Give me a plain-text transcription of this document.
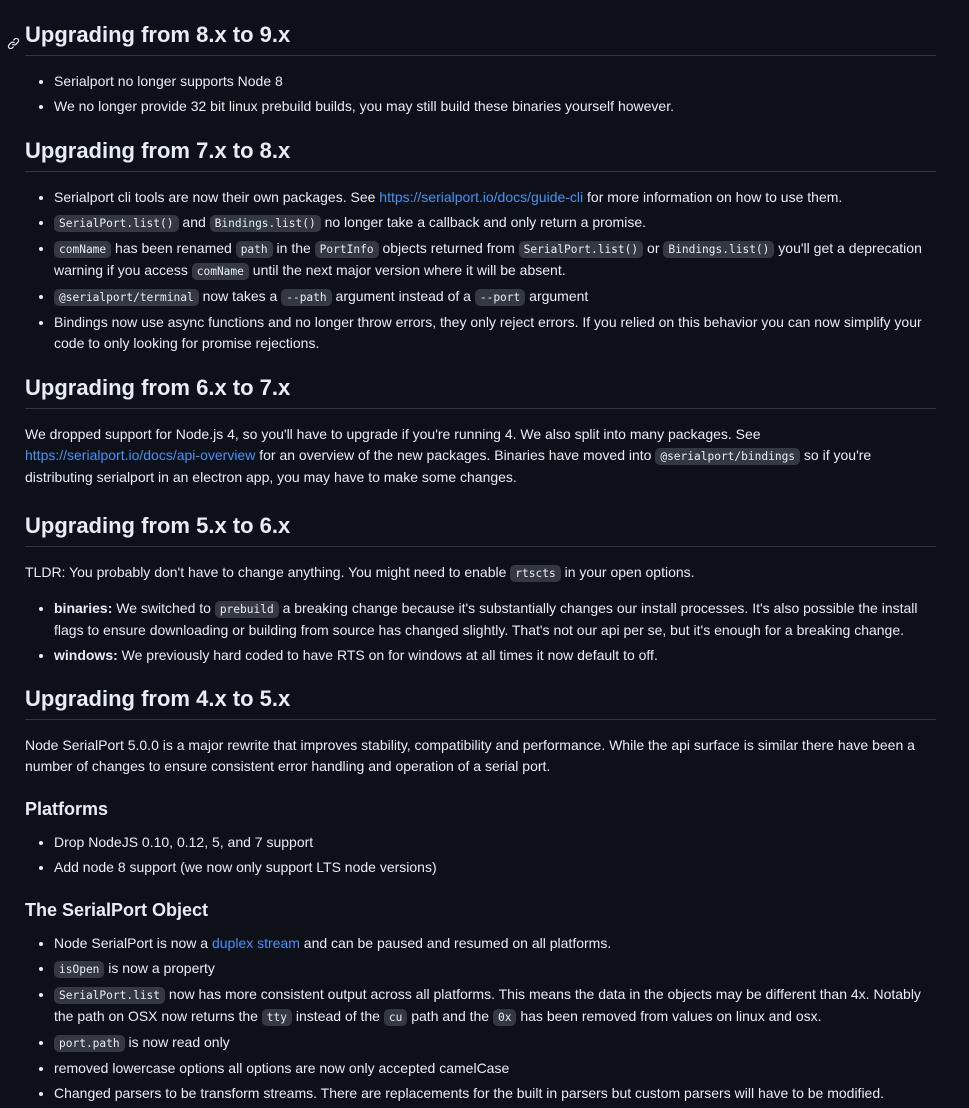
Upgrading from 8.x to 9.x
• Serialport no longer supports Node 8
• We no longer provide 32 bit linux prebuild builds, you may still build these binaries yourself however.
Upgrading from 7.x to 8.x
• Serialport cli tools are now their own packages. See https://serialport.io/docs/guide-cli for more information on how to use them.
• SerialPort.list() and Bindings.list() no longer take a callback and only return a promise.
• comName has been renamed path in the PortInfo objects returned from SerialPort.list() or Bindings.list() you'll get a deprecation warning if you access comName until the next major version where it will be absent.
• @serialport/terminal now takes a --path argument instead of a --port argument
• Bindings now use async functions and no longer throw errors, they only reject errors. If you relied on this behavior you can now simplify your code to only looking for promise rejections.
Upgrading from 6.x to 7.x

We dropped support for Node.js 4, so you'll have to upgrade if you're running 4. We also split into many packages. See https://serialport.io/docs/api-overview for an overview of the new packages. Binaries have moved into @serialport/bindings so if you're distributing serialport in an electron app, you may have to make some changes.

Upgrading from 5.x to 6.x

TLDR: You probably don't have to change anything. You might need to enable rtscts in your open options.

• binaries: We switched to prebuild a breaking change because it's substantially changes our install processes. It's also possible the install flags to ensure downloading or building from source has changed slightly. That's not our api per se, but it's enough for a breaking change.
• windows: We previously hard coded to have RTS on for windows at all times it now default to off.
Upgrading from 4.x to 5.x

Node SerialPort 5.0.0 is a major rewrite that improves stability, compatibility and performance. While the api surface is similar there have been a number of changes to ensure consistent error handling and operation of a serial port.

Platforms
• Drop NodeJS 0.10, 0.12, 5, and 7 support
• Add node 8 support (we now only support LTS node versions)
The SerialPort Object
• Node SerialPort is now a duplex stream and can be paused and resumed on all platforms.
• isOpen is now a property
• SerialPort.list now has more consistent output across all platforms. This means the data in the objects may be different than 4x. Notably the path on OSX now returns the tty instead of the cu path and the 0x has been removed from values on linux and osx.
• port.path is now read only
• removed lowercase options all options are now only accepted camelCase
• Changed parsers to be transform streams. There are replacements for the built in parsers but custom parsers will have to be modified.
